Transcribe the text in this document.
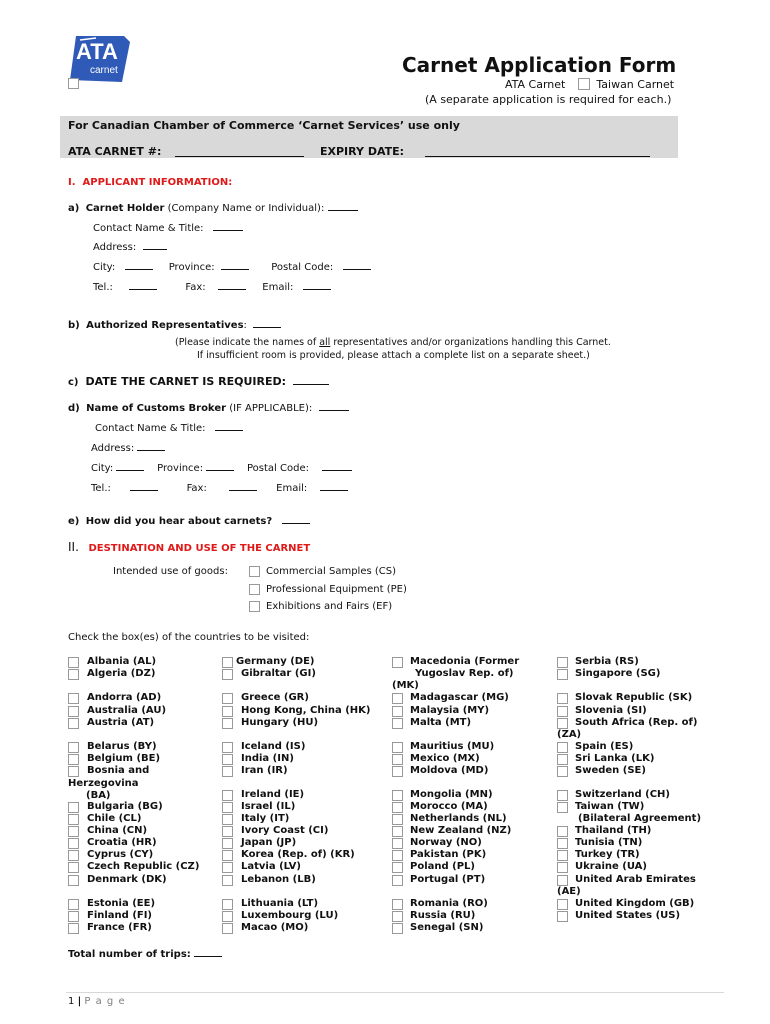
ATA
carnet	Carnet Application Form
ATA Carnet	Taiwan Carnet
(A separate application is required for each.)
For Canadian Chamber of Commerce ‘Carnet Services’ use only
ATA CARNET #:	EXPIRY DATE:
I. APPLICANT INFORMATION:
a) Carnet Holder (Company Name or Individual):
Contact Name & Title:
Address:
City:	Province:	Postal Code:
Tel.:	Fax:	Email:
b) Authorized Representatives:
(Please indicate the names of all representatives and/or organizations handling this Carnet.
If insufficient room is provided, please attach a complete list on a separate sheet.)
c) DATE THE CARNET IS REQUIRED:
d) Name of Customs Broker (IF APPLICABLE):
Contact Name & Title:
Address:
City:	Province:	Postal Code:
Tel.:	Fax:	Email:
e) How did you hear about carnets?
II. DESTINATION AND USE OF THE CARNET
Intended use of goods:	Commercial Samples (CS)
Professional Equipment (PE)
Exhibitions and Fairs (EF)
Check the box(es) of the countries to be visited:
Albania (AL)
Algeria (DZ)
Andorra (AD)
Australia (AU)
Austria (AT)
Belarus (BY)
Belgium (BE)
Bosnia and
Herzegovina
(BA)
Bulgaria (BG)
Chile (CL)
China (CN)
Croatia (HR)
Cyprus (CY)
Czech Republic (CZ)
Denmark (DK)
Estonia (EE)
Finland (FI)
France (FR)
Germany (DE)
Gibraltar (GI)
Greece (GR)
Hong Kong, China (HK)
Hungary (HU)
Iceland (IS)
India (IN)
Iran (IR)
Ireland (IE)
Israel (IL)
Italy (IT)
Ivory Coast (CI)
Japan (JP)
Korea (Rep. of) (KR)
Latvia (LV)
Lebanon (LB)
Lithuania (LT)
Luxembourg (LU)
Macao (MO)
Macedonia (Former
Yugoslav Rep. of)
(MK)
Madagascar (MG)
Malaysia (MY)
Malta (MT)
Mauritius (MU)
Mexico (MX)
Moldova (MD)
Mongolia (MN)
Morocco (MA)
Netherlands (NL)
New Zealand (NZ)
Norway (NO)
Pakistan (PK)
Poland (PL)
Portugal (PT)
Romania (RO)
Russia (RU)
Senegal (SN)
Serbia (RS)
Singapore (SG)
Slovak Republic (SK)
Slovenia (SI)
South Africa (Rep. of)
(ZA)
Spain (ES)
Sri Lanka (LK)
Sweden (SE)
Switzerland (CH)
Taiwan (TW)
(Bilateral Agreement)
Thailand (TH)
Tunisia (TN)
Turkey (TR)
Ukraine (UA)
United Arab Emirates
(AE)
United Kingdom (GB)
United States (US)
Total number of trips:
1 | P a g e
